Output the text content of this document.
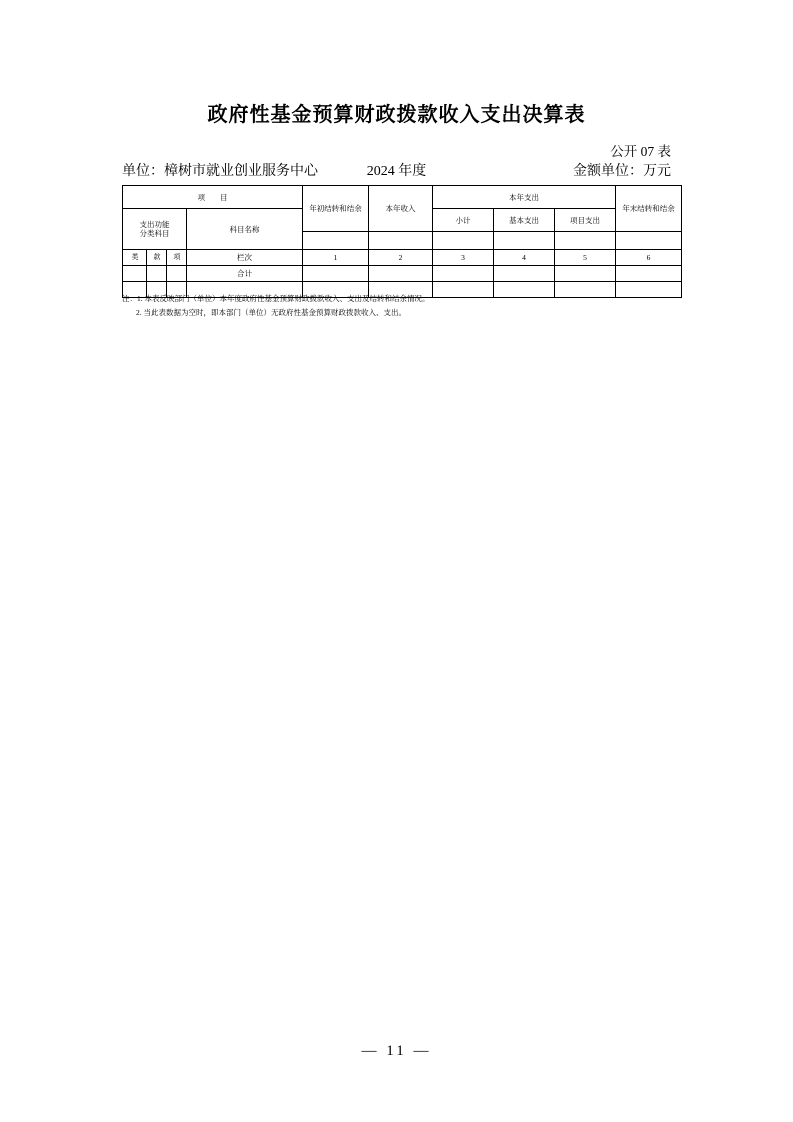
政府性基金预算财政拨款收入支出决算表
公开 07 表
单位：樟树市就业创业服务中心	2024 年度	金额单位：万元
项　　目				年初结转和结余	本年收入	本年支出			年末结转和结余

支出功能
分类科目			科目名称			小计	基本支出	项目支出	

类	款	项	栏次	1	2	3	4	5	6
			合计						

注：1. 本表反映部门（单位）本年度政府性基金预算财政拨款收入、支出及结转和结余情况。
2. 当此表数据为空时，即本部门（单位）无政府性基金预算财政拨款收入、支出。
— 11 —
